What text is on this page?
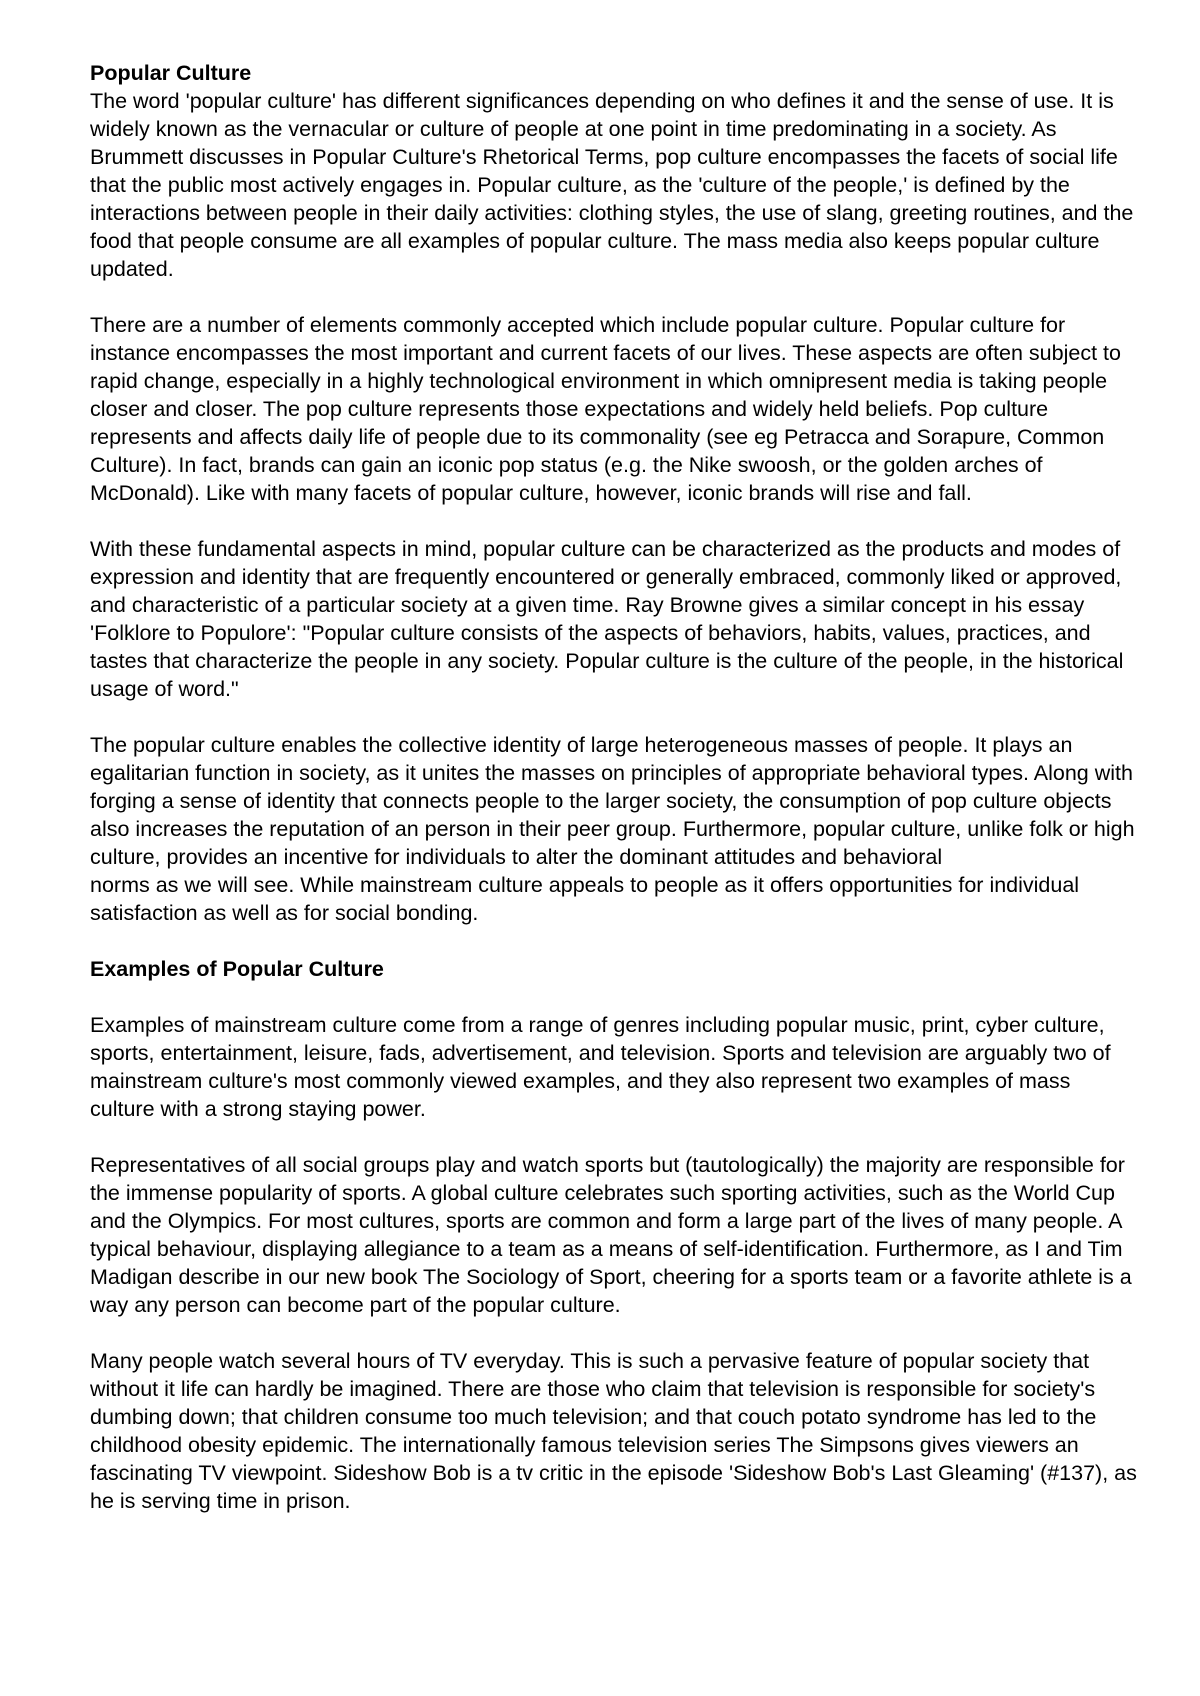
Popular Culture

The word 'popular culture' has different significances depending on who defines it and the sense of use. It is widely known as the vernacular or culture of people at one point in time predominating in a society. As Brummett discusses in Popular Culture's Rhetorical Terms, pop culture encompasses the facets of social life that the public most actively engages in. Popular culture, as the 'culture of the people,' is defined by the interactions between people in their daily activities: clothing styles, the use of slang, greeting routines, and the food that people consume are all examples of popular culture. The mass media also keeps popular culture updated.

There are a number of elements commonly accepted which include popular culture. Popular culture for instance encompasses the most important and current facets of our lives. These aspects are often subject to rapid change, especially in a highly technological environment in which omnipresent media is taking people closer and closer. The pop culture represents those expectations and widely held beliefs. Pop culture represents and affects daily life of people due to its commonality (see eg Petracca and Sorapure, Common Culture). In fact, brands can gain an iconic pop status (e.g. the Nike swoosh, or the golden arches of McDonald). Like with many facets of popular culture, however, iconic brands will rise and fall.

With these fundamental aspects in mind, popular culture can be characterized as the products and modes of expression and identity that are frequently encountered or generally embraced, commonly liked or approved, and characteristic of a particular society at a given time. Ray Browne gives a similar concept in his essay 'Folklore to Populore': "Popular culture consists of the aspects of behaviors, habits, values, practices, and tastes that characterize the people in any society. Popular culture is the culture of the people, in the historical usage of word."

The popular culture enables the collective identity of large heterogeneous masses of people. It plays an egalitarian function in society, as it unites the masses on principles of appropriate behavioral types. Along with forging a sense of identity that connects people to the larger society, the consumption of pop culture objects also increases the reputation of an person in their peer group. Furthermore, popular culture, unlike folk or high culture, provides an incentive for individuals to alter the dominant attitudes and behavioral

norms as we will see. While mainstream culture appeals to people as it offers opportunities for individual satisfaction as well as for social bonding.

Examples of Popular Culture

Examples of mainstream culture come from a range of genres including popular music, print, cyber culture, sports, entertainment, leisure, fads, advertisement, and television. Sports and television are arguably two of mainstream culture's most commonly viewed examples, and they also represent two examples of mass culture with a strong staying power.

Representatives of all social groups play and watch sports but (tautologically) the majority are responsible for the immense popularity of sports. A global culture celebrates such sporting activities, such as the World Cup and the Olympics. For most cultures, sports are common and form a large part of the lives of many people. A typical behaviour, displaying allegiance to a team as a means of self-identification. Furthermore, as I and Tim Madigan describe in our new book The Sociology of Sport, cheering for a sports team or a favorite athlete is a way any person can become part of the popular culture.

Many people watch several hours of TV everyday. This is such a pervasive feature of popular society that without it life can hardly be imagined. There are those who claim that television is responsible for society's dumbing down; that children consume too much television; and that couch potato syndrome has led to the childhood obesity epidemic. The internationally famous television series The Simpsons gives viewers an fascinating TV viewpoint. Sideshow Bob is a tv critic in the episode 'Sideshow Bob's Last Gleaming' (#137), as he is serving time in prison.
